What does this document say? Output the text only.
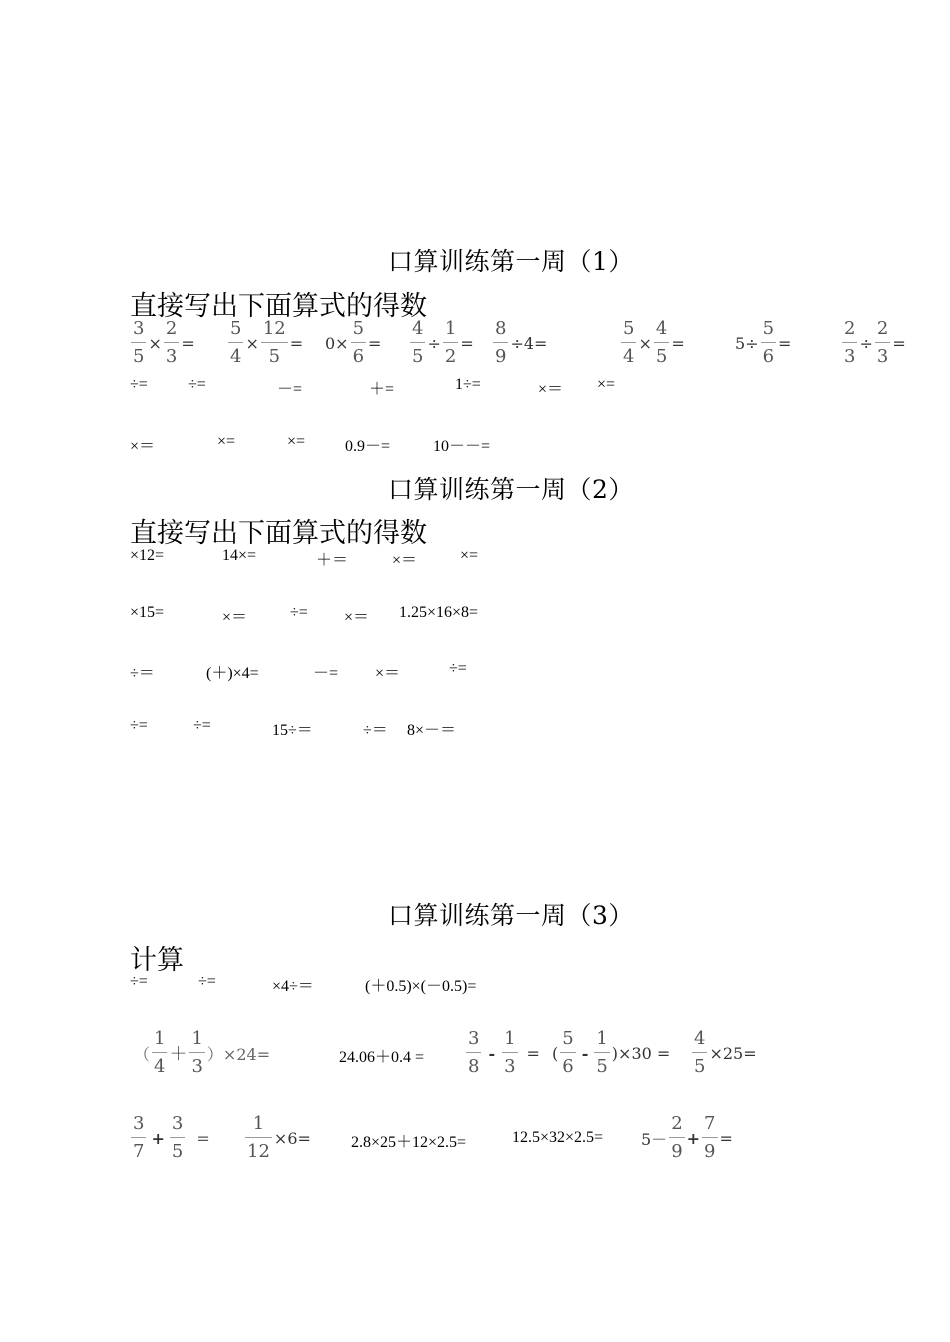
口算训练第一周（1）
直接写出下面算式的得数
$\frac{3}{5} \times \frac{2}{3} = \frac{5}{4} \times \frac{12}{5} = 0\times \frac{5}{6} = \frac{4}{5} \div \frac{1}{2} = \frac{8}{9} \div 4=$	$\frac{5}{4} \times \frac{4}{5}$ =	$5\div \frac{5}{6}$ =	$\frac{2}{3} \div \frac{2}{3}$ =
÷=	÷=	－=	＋=	1÷=	×＝ ×=
×＝	×=	×= 0.9－=	10－－=
口算训练第一周（2）
直接写出下面算式的得数
×12=	14×=	＋＝	×＝	×=
×15=	×＝	÷= ×＝ 1.25×16×8=
÷＝	(＋)×4=	－= ×＝	÷=
÷=	÷=	15÷＝	÷＝ 8×－＝
口算训练第一周（3）
计算
÷=	÷=	×4÷＝	(＋0.5)×(－0.5)=
（ $\frac{1}{4} + \frac{1}{3} )\times 24=$	$24.06+0.4 = \frac{3}{8} - \frac{1}{3}$ = ( $\frac{5}{6} - \frac{1}{5} )\times 30 = \frac{4}{5} \times 25=$
$\frac{3}{7} + \frac{3}{5} = \frac{1}{12} \times 6=$	2.8×25＋12×2.5=	$12.5\times 32\times 2.5= 5- \frac{2}{9} + \frac{7}{9}$ =
